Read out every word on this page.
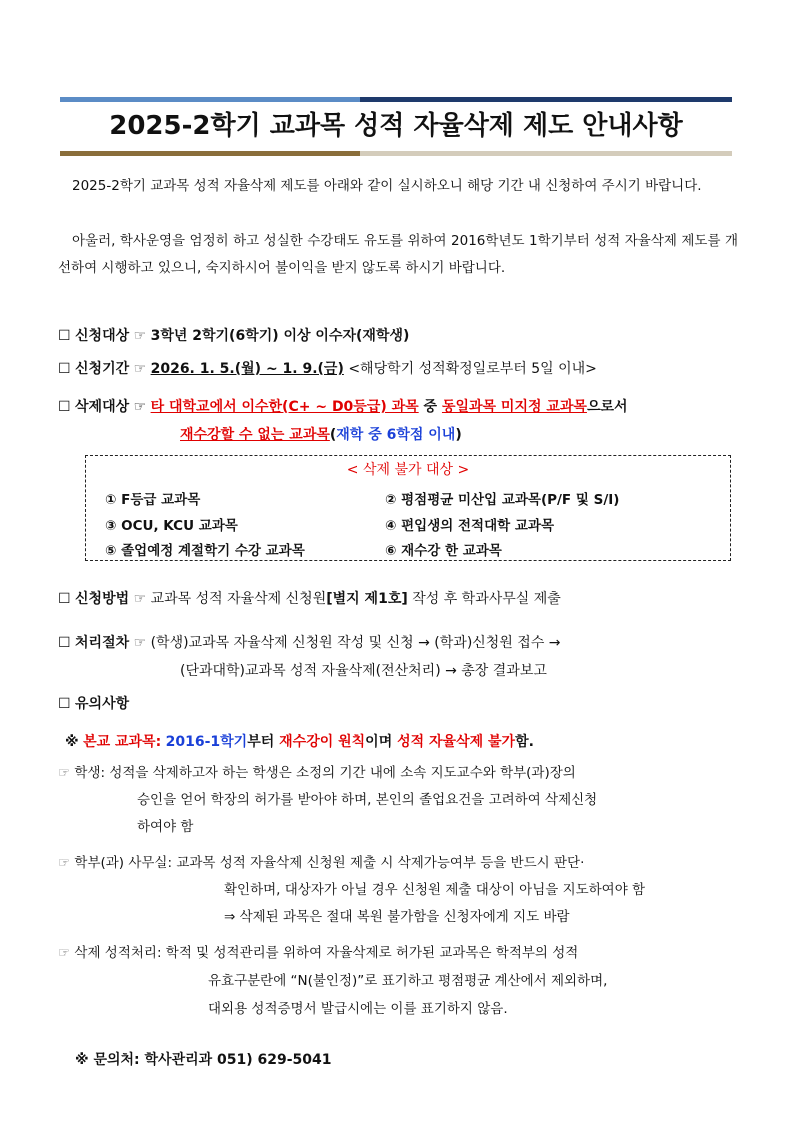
2025-2학기 교과목 성적 자율삭제 제도 안내사항
2025-2학기 교과목 성적 자율삭제 제도를 아래와 같이 실시하오니 해당 기간 내 신청하여 주시기 바랍니다.
아울러, 학사운영을 엄정히 하고 성실한 수강태도 유도를 위하여 2016학년도 1학기부터 성적 자율삭제 제도를 개선하여 시행하고 있으니, 숙지하시어 불이익을 받지 않도록 하시기 바랍니다.
☐ 신청대상 ☞ 3학년 2학기(6학기) 이상 이수자(재학생)
☐ 신청기간 ☞ 2026. 1. 5.(월) ~ 1. 9.(금) <해당학기 성적확정일로부터 5일 이내>
☐ 삭제대상 ☞ 타 대학교에서 이수한(C+ ~ D0등급) 과목 중 동일과목 미지정 교과목으로서
재수강할 수 없는 교과목(재학 중 6학점 이내)
< 삭제 불가 대상 >
① F등급 교과목	② 평점평균 미산입 교과목(P/F 및 S/I)
③ OCU, KCU 교과목	④ 편입생의 전적대학 교과목
⑤ 졸업예정 계절학기 수강 교과목	⑥ 재수강 한 교과목
☐ 신청방법 ☞ 교과목 성적 자율삭제 신청원[별지 제1호] 작성 후 학과사무실 제출
☐ 처리절차 ☞ (학생)교과목 자율삭제 신청원 작성 및 신청 → (학과)신청원 접수 →
(단과대학)교과목 성적 자율삭제(전산처리) → 총장 결과보고
☐ 유의사항
※ 본교 교과목: 2016-1학기부터 재수강이 원칙이며 성적 자율삭제 불가함.
☞ 학생: 성적을 삭제하고자 하는 학생은 소정의 기간 내에 소속 지도교수와 학부(과)장의
승인을 얻어 학장의 허가를 받아야 하며, 본인의 졸업요건을 고려하여 삭제신청
하여야 함
☞ 학부(과) 사무실: 교과목 성적 자율삭제 신청원 제출 시 삭제가능여부 등을 반드시 판단·
확인하며, 대상자가 아닐 경우 신청원 제출 대상이 아님을 지도하여야 함
⇒ 삭제된 과목은 절대 복원 불가함을 신청자에게 지도 바람
☞ 삭제 성적처리: 학적 및 성적관리를 위하여 자율삭제로 허가된 교과목은 학적부의 성적
유효구분란에 “N(불인정)”로 표기하고 평점평균 계산에서 제외하며,
대외용 성적증명서 발급시에는 이를 표기하지 않음.
※ 문의처: 학사관리과 051) 629-5041
